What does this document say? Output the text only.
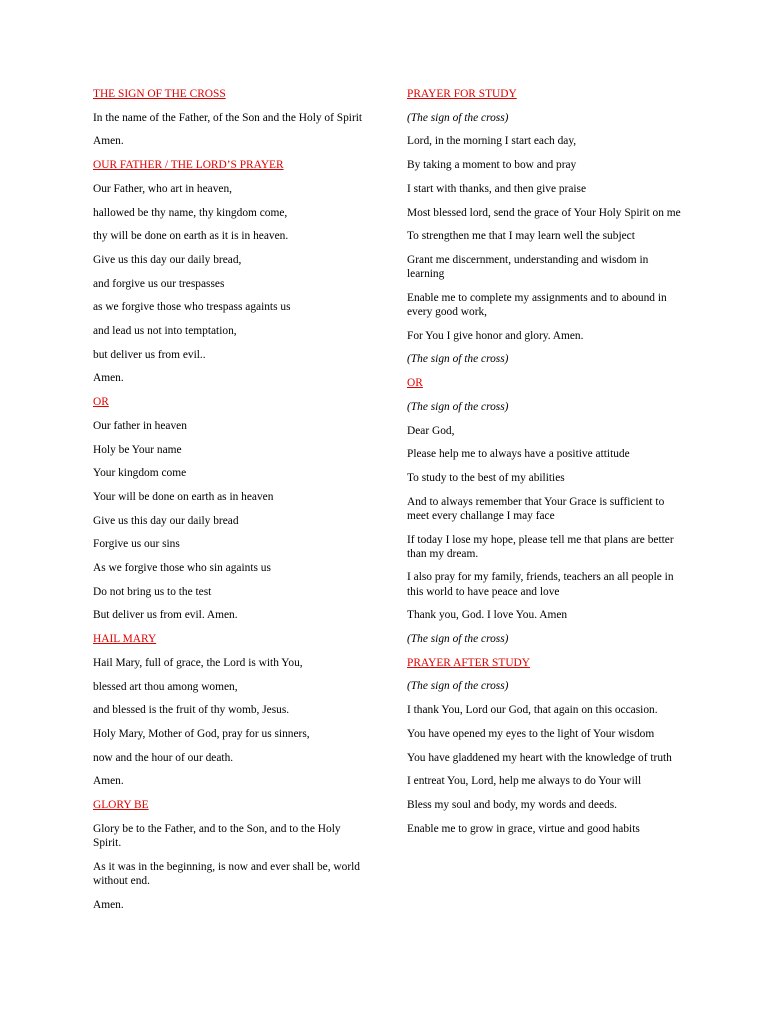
THE SIGN OF THE CROSS
In the name of the Father, of the Son and the Holy of Spirit
Amen.
OUR FATHER / THE LORD’S PRAYER
Our Father, who art in heaven,
hallowed be thy name, thy kingdom come,
thy will be done on earth as it is in heaven.
Give us this day our daily bread,
and forgive us our trespasses
as we forgive those who trespass againts us
and lead us not into temptation,
but deliver us from evil..
Amen.
OR
Our father in heaven
Holy be Your name
Your kingdom come
Your will be done on earth as in heaven
Give us this day our daily bread
Forgive us our sins
As we forgive those who sin againts us
Do not bring us to the test
But deliver us from evil. Amen.
HAIL MARY
Hail Mary, full of grace, the Lord is with You,
blessed art thou among women,
and blessed is the fruit of thy womb, Jesus.
Holy Mary, Mother of God, pray for us sinners,
now and the hour of our death.
Amen.
GLORY BE
Glory be to the Father, and to the Son, and to the Holy Spirit.
As it was in the beginning, is now and ever shall be, world without end.
Amen.
PRAYER FOR STUDY
(The sign of the cross)
Lord, in the morning I start each day,
By taking a moment to bow and pray
I start with thanks, and then give praise
Most blessed lord, send the grace of Your Holy Spirit on me
To strengthen me that I may learn well the subject
Grant me discernment, understanding and wisdom in learning
Enable me to complete my assignments and to abound in every good work,
For You I give honor and glory. Amen.
(The sign of the cross)
OR
(The sign of the cross)
Dear God,
Please help me to always have a positive attitude
To study to the best of my abilities
And to always remember that Your Grace is sufficient to meet every challange I may face
If today I lose my hope, please tell me that plans are better than my dream.
I also pray for my family, friends, teachers an all people in this world to have peace and love
Thank you, God. I love You. Amen
(The sign of the cross)
PRAYER AFTER STUDY
(The sign of the cross)
I thank You, Lord our God, that again on this occasion.
You have opened my eyes to the light of Your wisdom
You have gladdened my heart with the knowledge of truth
I entreat You, Lord, help me always to do Your will
Bless my soul and body, my words and deeds.
Enable me to grow in grace, virtue and good habits
